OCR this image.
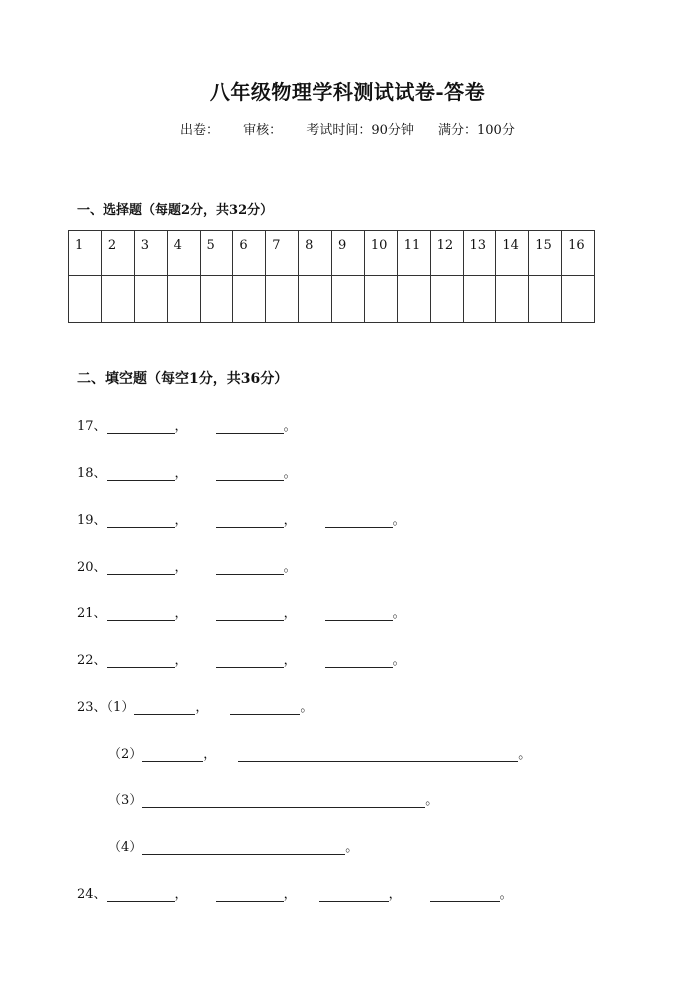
八年级物理学科测试试卷-答卷
出卷： 审核： 考试时间：90分钟 满分：100分
一、选择题（每题2分，共32分）
1	2	3	4	5	6	7	8	9	10	11	12	13	14	15	16

二、填空题（每空1分，共36分）
17、	，	。
18、	，	。
19、	，	，	。
20、	，	。
21、	，	，	。
22、	，	，	。
23、（1）	，	。
（2）	，	。
（3）	。
（4）	。
24、	，	，	，	。
